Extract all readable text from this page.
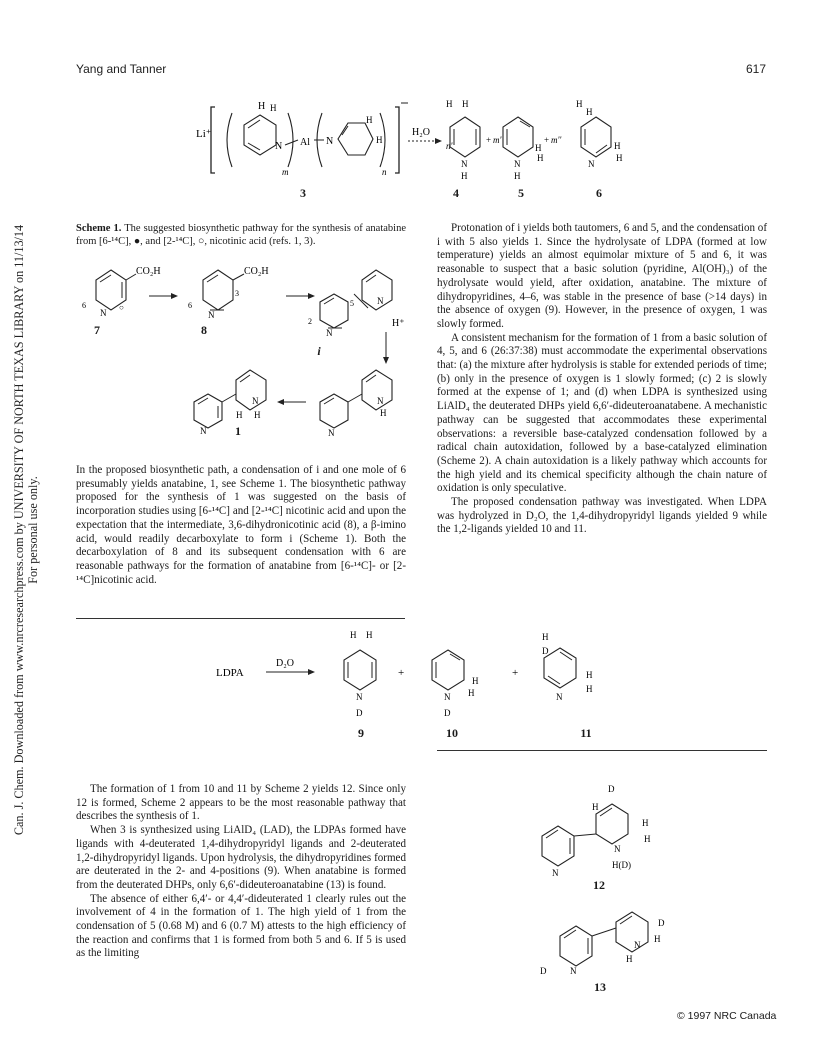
Yang and Tanner	617
Can. J. Chem. Downloaded from www.nrcresearchpress.com by UNIVERSITY OF NORTH TEXAS LIBRARY on 11/13/14 For personal use only.
Li⁺
H H
N
m
Al N
H
H
n
H₂O
n'
H H
N
H
+ m'
N
H
H
H
+ m''
H
H
N
H
H
3	4	5	6
Scheme 1. The suggested biosynthetic pathway for the synthesis of anatabine from [6-¹⁴C], ●, and [2-¹⁴C], ○, nicotinic acid (refs. 1, 3).
CO₂H
6
N
○
CO₂H
6
3
N
2
5
N
N
H⁺
N
H
N
N
H H
N
7	8
i
1

In the proposed biosynthetic path, a condensation of i and one mole of 6 presumably yields anatabine, 1, see Scheme 1. The biosynthetic pathway proposed for the synthesis of 1 was suggested on the basis of incorporation studies using [6-¹⁴C] and [2-¹⁴C] nicotinic acid and upon the expectation that the intermediate, 3,6-dihydronicotinic acid (8), a β-imino acid, would readily decarboxylate to form i (Scheme 1). Both the decarboxylation of 8 and its subsequent condensation with 6 are reasonable pathways for the formation of anatabine from [6-¹⁴C]- or [2-¹⁴C]nicotinic acid.

Protonation of i yields both tautomers, 6 and 5, and the condensation of i with 5 also yields 1. Since the hydrolysate of LDPA (formed at low temperature) yields an almost equimolar mixture of 5 and 6, it was reasonable to suspect that a basic solution (pyridine, Al(OH)₃) of the hydrolysate would yield, after oxidation, anatabine. The mixture of dihydropyridines, 4–6, was stable in the presence of base (>14 days) in the absence of oxygen (9). However, in the presence of oxygen, 1 was slowly formed.

A consistent mechanism for the formation of 1 from a basic solution of 4, 5, and 6 (26:37:38) must accommodate the experimental observations that: (a) the mixture after hydrolysis is stable for extended periods of time; (b) only in the presence of oxygen is 1 slowly formed; (c) 2 is slowly formed at the expense of 1; and (d) when LDPA is synthesized using LiAlD₄ the deuterated DHPs yield 6,6′-dideuteroanatabene. A mechanistic pathway can be suggested that accommodates these experimental observations: a reversible base-catalyzed condensation followed by a radical chain autoxidation, followed by a base-catalyzed elimination (Scheme 2). A chain autoxidation is a likely pathway which accounts for the high yield and its chemical specificity although the chain nature of oxidation is only speculative.

The proposed condensation pathway was investigated. When LDPA was hydrolyzed in D₂O, the 1,4-dihydropyridyl ligands yielded 9 while the 1,2-ligands yielded 10 and 11.

LDPA
D₂O
H H
N
D
+
N
D
H
H
+
H
D
N
H
H
9	10	11

The formation of 1 from 10 and 11 by Scheme 2 yields 12. Since only 12 is formed, Scheme 2 appears to be the most reasonable pathway that describes the synthesis of 1.

When 3 is synthesized using LiAlD₄ (LAD), the LDPAs formed have ligands with 4-deuterated 1,4-dihydropyridyl ligands and 2-deuterated 1,2-dihydropyridyl ligands. Upon hydrolysis, the dihydropyridines formed are deuterated in the 2- and 4-positions (9). When anatabine is formed from the deuterated DHPs, only 6,6′-dideuteroanatabine (13) is found.

The absence of either 6,4′- or 4,4′-dideuterated 1 clearly rules out the involvement of 4 in the formation of 1. The high yield of 1 from the condensation of 5 (0.68 M) and 6 (0.7 M) attests to the high efficiency of the reaction and confirms that 1 is formed from both 5 and 6. If 5 is used as the limiting

D
H
N
H
H
H(D)
N
N
H
D
H
N
D
12
13
© 1997 NRC Canada
